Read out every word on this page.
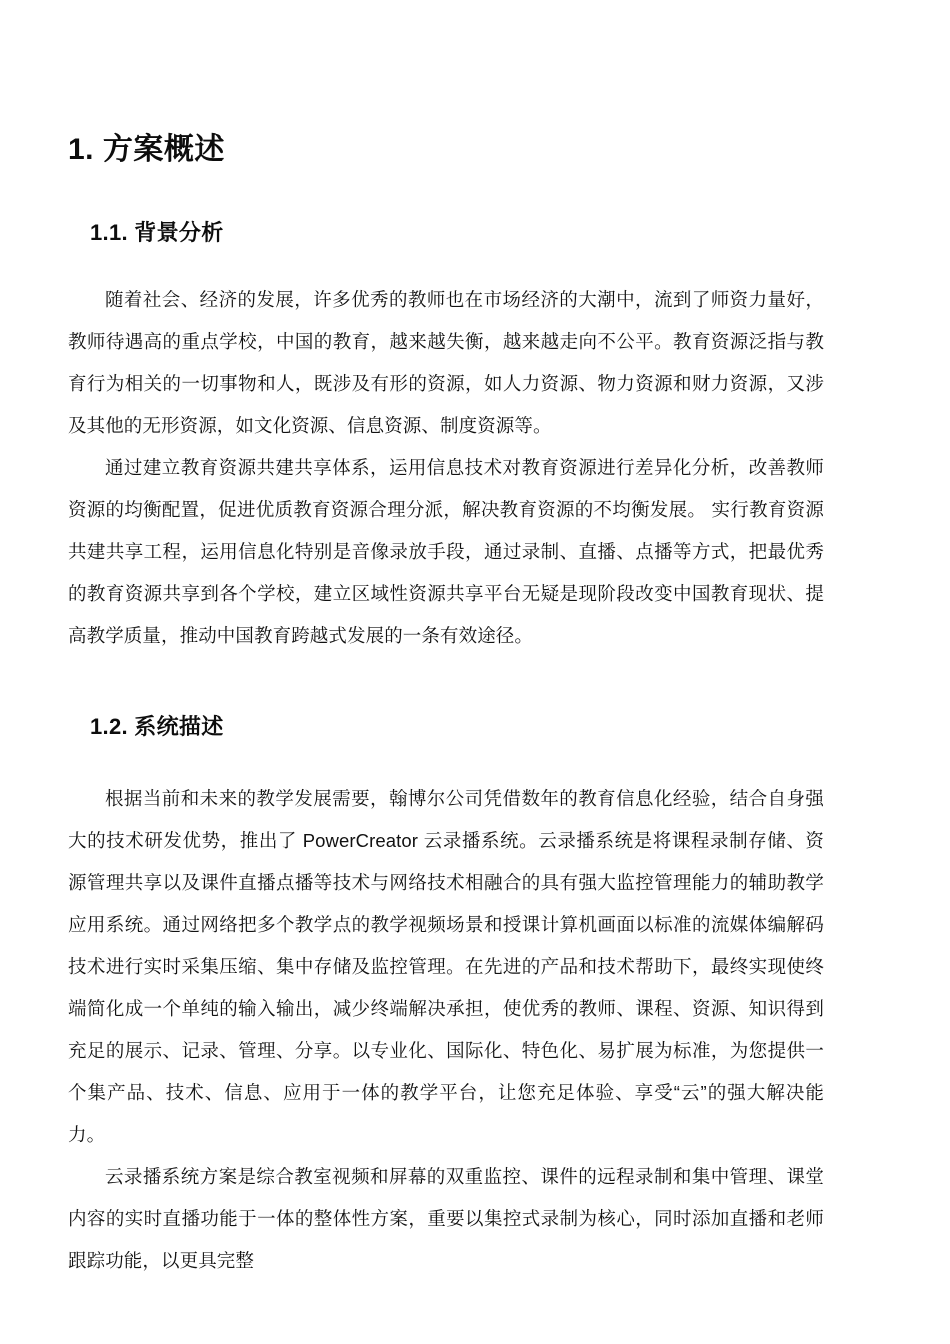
1. 方案概述
1.1. 背景分析

随着社会、经济的发展，许多优秀的教师也在市场经济的大潮中，流到了师资力量好，教师待遇高的重点学校，中国的教育，越来越失衡，越来越走向不公平。教育资源泛指与教育行为相关的一切事物和人，既涉及有形的资源，如人力资源、物力资源和财力资源，又涉及其他的无形资源，如文化资源、信息资源、制度资源等。

通过建立教育资源共建共享体系，运用信息技术对教育资源进行差异化分析，改善教师资源的均衡配置，促进优质教育资源合理分派，解决教育资源的不均衡发展。 实行教育资源共建共享工程，运用信息化特别是音像录放手段，通过录制、直播、点播等方式，把最优秀的教育资源共享到各个学校，建立区域性资源共享平台无疑是现阶段改变中国教育现状、提高教学质量，推动中国教育跨越式发展的一条有效途径。

1.2. 系统描述

根据当前和未来的教学发展需要，翰博尔公司凭借数年的教育信息化经验，结合自身强大的技术研发优势，推出了 PowerCreator 云录播系统。云录播系统是将课程录制存储、资源管理共享以及课件直播点播等技术与网络技术相融合的具有强大监控管理能力的辅助教学应用系统。通过网络把多个教学点的教学视频场景和授课计算机画面以标准的流媒体编解码技术进行实时采集压缩、集中存储及监控管理。在先进的产品和技术帮助下，最终实现使终端简化成一个单纯的输入输出，减少终端解决承担，使优秀的教师、课程、资源、知识得到充足的展示、记录、管理、分享。以专业化、国际化、特色化、易扩展为标准，为您提供一个集产品、技术、信息、应用于一体的教学平台，让您充足体验、享受“云”的强大解决能力。

云录播系统方案是综合教室视频和屏幕的双重监控、课件的远程录制和集中管理、课堂内容的实时直播功能于一体的整体性方案，重要以集控式录制为核心，同时添加直播和老师跟踪功能，以更具完整
